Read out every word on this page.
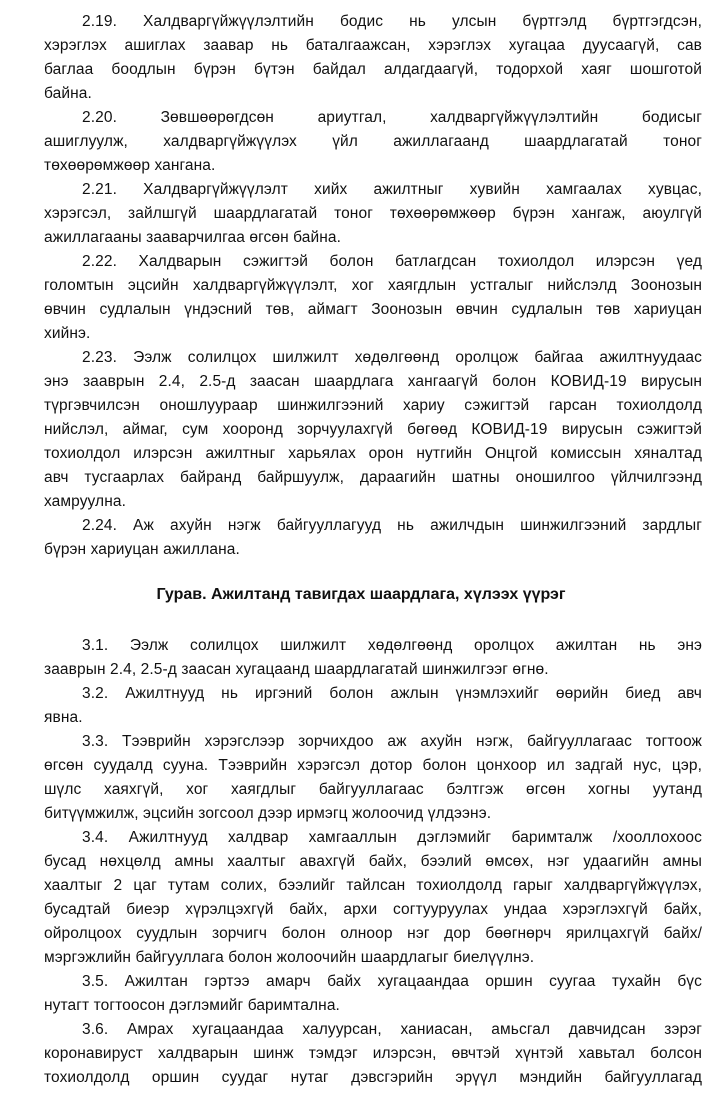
2.19. Халдваргүйжүүлэлтийн бодис нь улсын бүртгэлд бүртгэгдсэн,
хэрэглэх ашиглах заавар нь баталгаажсан, хэрэглэх хугацаа дуусаагүй, сав
баглаа боодлын бүрэн бүтэн байдал алдагдаагүй, тодорхой хаяг шошготой
байна.
2.20. Зөвшөөрөгдсөн ариутгал, халдваргүйжүүлэлтийн бодисыг
ашиглуулж, халдваргүйжүүлэх үйл ажиллагаанд шаардлагатай тоног
төхөөрөмжөөр хангана.
2.21. Халдваргүйжүүлэлт хийх ажилтныг хувийн хамгаалах хувцас,
хэрэгсэл, зайлшгүй шаардлагатай тоног төхөөрөмжөөр бүрэн хангаж, аюулгүй
ажиллагааны зааварчилгаа өгсөн байна.
2.22. Халдварын сэжигтэй болон батлагдсан тохиолдол илэрсэн үед
голомтын эцсийн халдваргүйжүүлэлт, хог хаягдлын устгалыг нийслэлд Зоонозын
өвчин судлалын үндэсний төв, аймагт Зоонозын өвчин судлалын төв хариуцан
хийнэ.
2.23. Ээлж солилцох шилжилт хөдөлгөөнд оролцож байгаа ажилтнуудаас
энэ зааврын 2.4, 2.5-д заасан шаардлага хангаагүй болон КОВИД-19 вирусын
түргэвчилсэн оношлуураар шинжилгээний хариу сэжигтэй гарсан тохиолдолд
нийслэл, аймаг, сум хооронд зорчуулахгүй бөгөөд КОВИД-19 вирусын сэжигтэй
тохиолдол илэрсэн ажилтныг харьялах орон нутгийн Онцгой комиссын хяналтад
авч тусгаарлах байранд байршуулж, дараагийн шатны оношилгоо үйлчилгээнд
хамруулна.
2.24. Аж ахуйн нэгж байгууллагууд нь ажилчдын шинжилгээний зардлыг
бүрэн хариуцан ажиллана.
Гурав. Ажилтанд тавигдах шаардлага, хүлээх үүрэг
3.1. Ээлж солилцох шилжилт хөдөлгөөнд оролцох ажилтан нь энэ
зааврын 2.4, 2.5-д заасан хугацаанд шаардлагатай шинжилгээг өгнө.
3.2. Ажилтнууд нь иргэний болон ажлын үнэмлэхийг өөрийн биед авч
явна.
3.3. Тээврийн хэрэгслээр зорчихдоо аж ахуйн нэгж, байгууллагаас тогтоож
өгсөн суудалд сууна. Тээврийн хэрэгсэл дотор болон цонхоор ил задгай нус, цэр,
шүлс хаяхгүй, хог хаягдлыг байгууллагаас бэлтгэж өгсөн хогны уутанд
битүүмжилж, эцсийн зогсоол дээр ирмэгц жолоочид үлдээнэ.
3.4. Ажилтнууд халдвар хамгааллын дэглэмийг баримталж /хооллохоос
бусад нөхцөлд амны хаалтыг авахгүй байх, бээлий өмсөх, нэг удаагийн амны
хаалтыг 2 цаг тутам солих, бээлийг тайлсан тохиолдолд гарыг халдваргүйжүүлэх,
бусадтай биеэр хүрэлцэхгүй байх, архи согтууруулах ундаа хэрэглэхгүй байх,
ойролцоох суудлын зорчигч болон олноор нэг дор бөөгнөрч ярилцахгүй байх/
мэргэжлийн байгууллага болон жолоочийн шаардлагыг биелүүлнэ.
3.5. Ажилтан гэртээ амарч байх хугацаандаа оршин суугаа тухайн бүс
нутагт тогтоосон дэглэмийг баримтална.
3.6. Амрах хугацаандаа халуурсан, ханиасан, амьсгал давчидсан зэрэг
коронавируст халдварын шинж тэмдэг илэрсэн, өвчтэй хүнтэй хавьтал болсон
тохиолдолд оршин суудаг нутаг дэвсгэрийн эрүүл мэндийн байгууллагад
